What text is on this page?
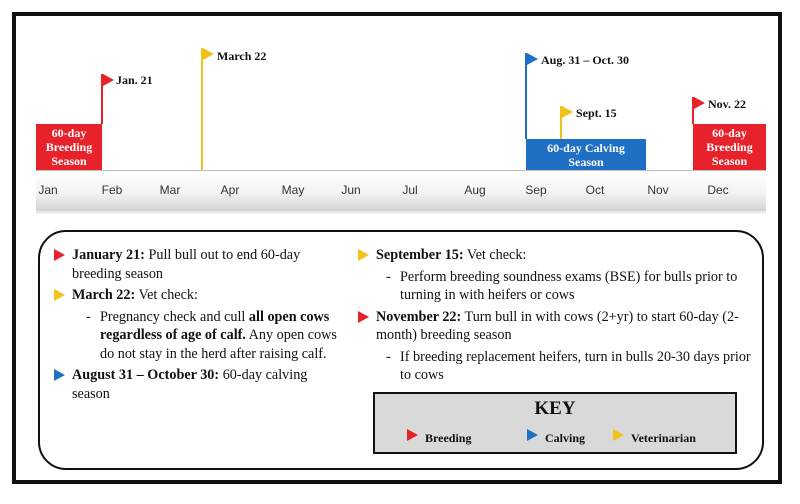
Jan	Feb	Mar	Apr	May	Jun	Jul	Aug	Sep	Oct	Nov	Dec
60-day
Breeding
Season
60-day Calving
Season
60-day
Breeding
Season
Jan. 21
March 22	Aug. 31 – Oct. 30
Sept. 15
Nov. 22
January 21: Pull bull out to end 60-day breeding season
March 22: Vet check:
- Pregnancy check and cull all open cows regardless of age of calf. Any open cows do not stay in the herd after raising calf.
August 31 – October 30: 60-day calving season
September 15: Vet check:
- Perform breeding soundness exams (BSE) for bulls prior to turning in with heifers or cows
November 22: Turn bull in with cows (2+yr) to start 60-day (2-month) breeding season
- If breeding replacement heifers, turn in bulls 20-30 days prior to cows
KEY
Breeding	Calving	Veterinarian
